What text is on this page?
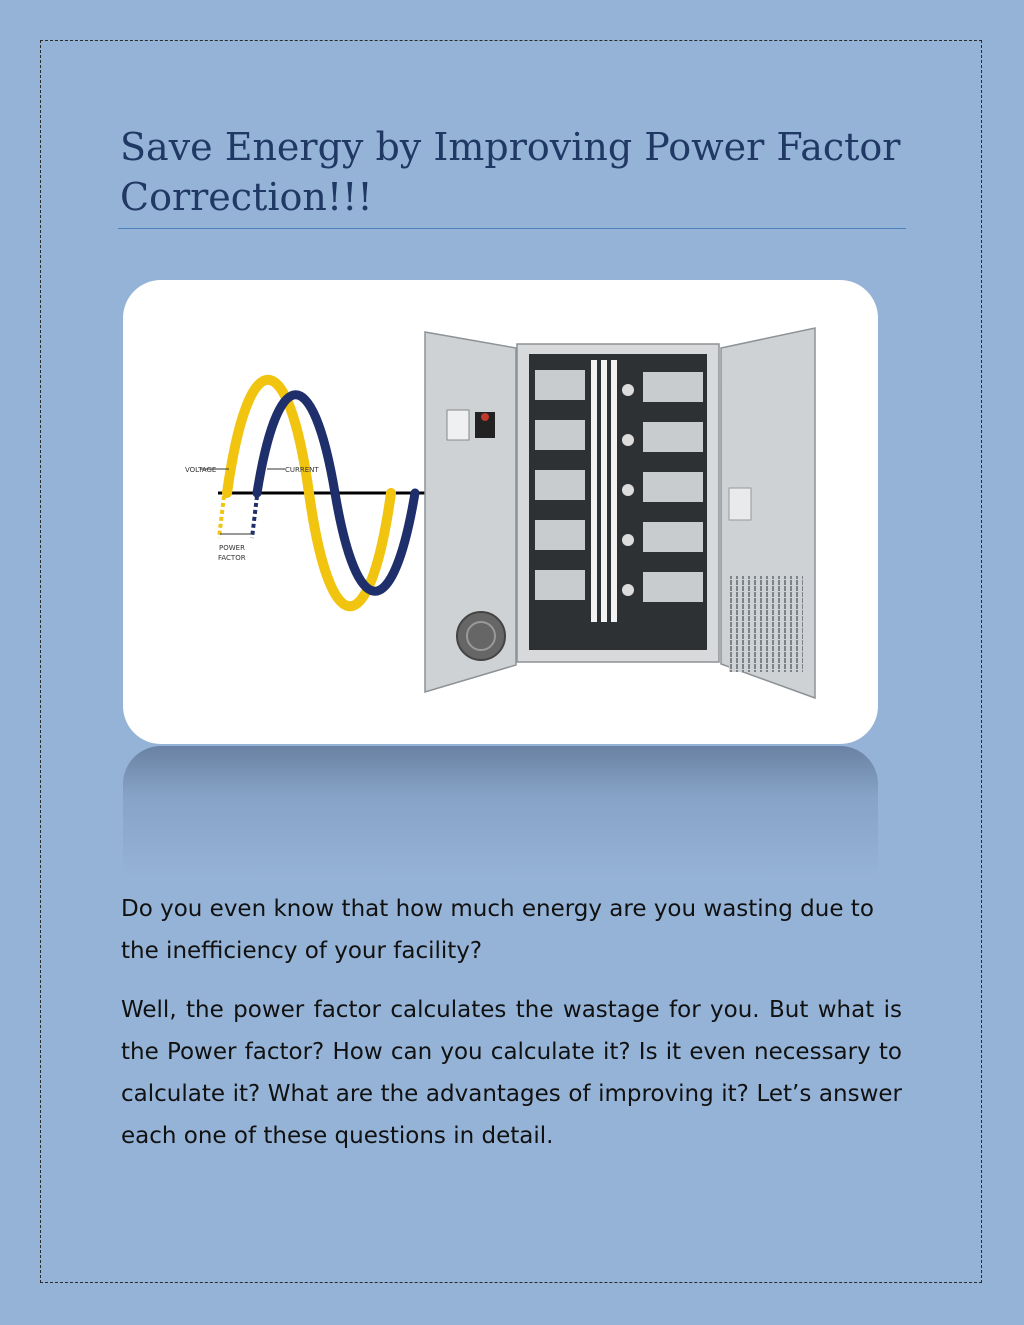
Save Energy by Improving Power Factor Correction!!!
VOLTAGE	CURRENT
POWER
FACTOR

Do you even know that how much energy are you wasting due to the inefficiency of your facility?

Well, the power factor calculates the wastage for you. But what is the Power factor? How can you calculate it? Is it even necessary to calculate it? What are the advantages of improving it? Let’s answer each one of these questions in detail.
